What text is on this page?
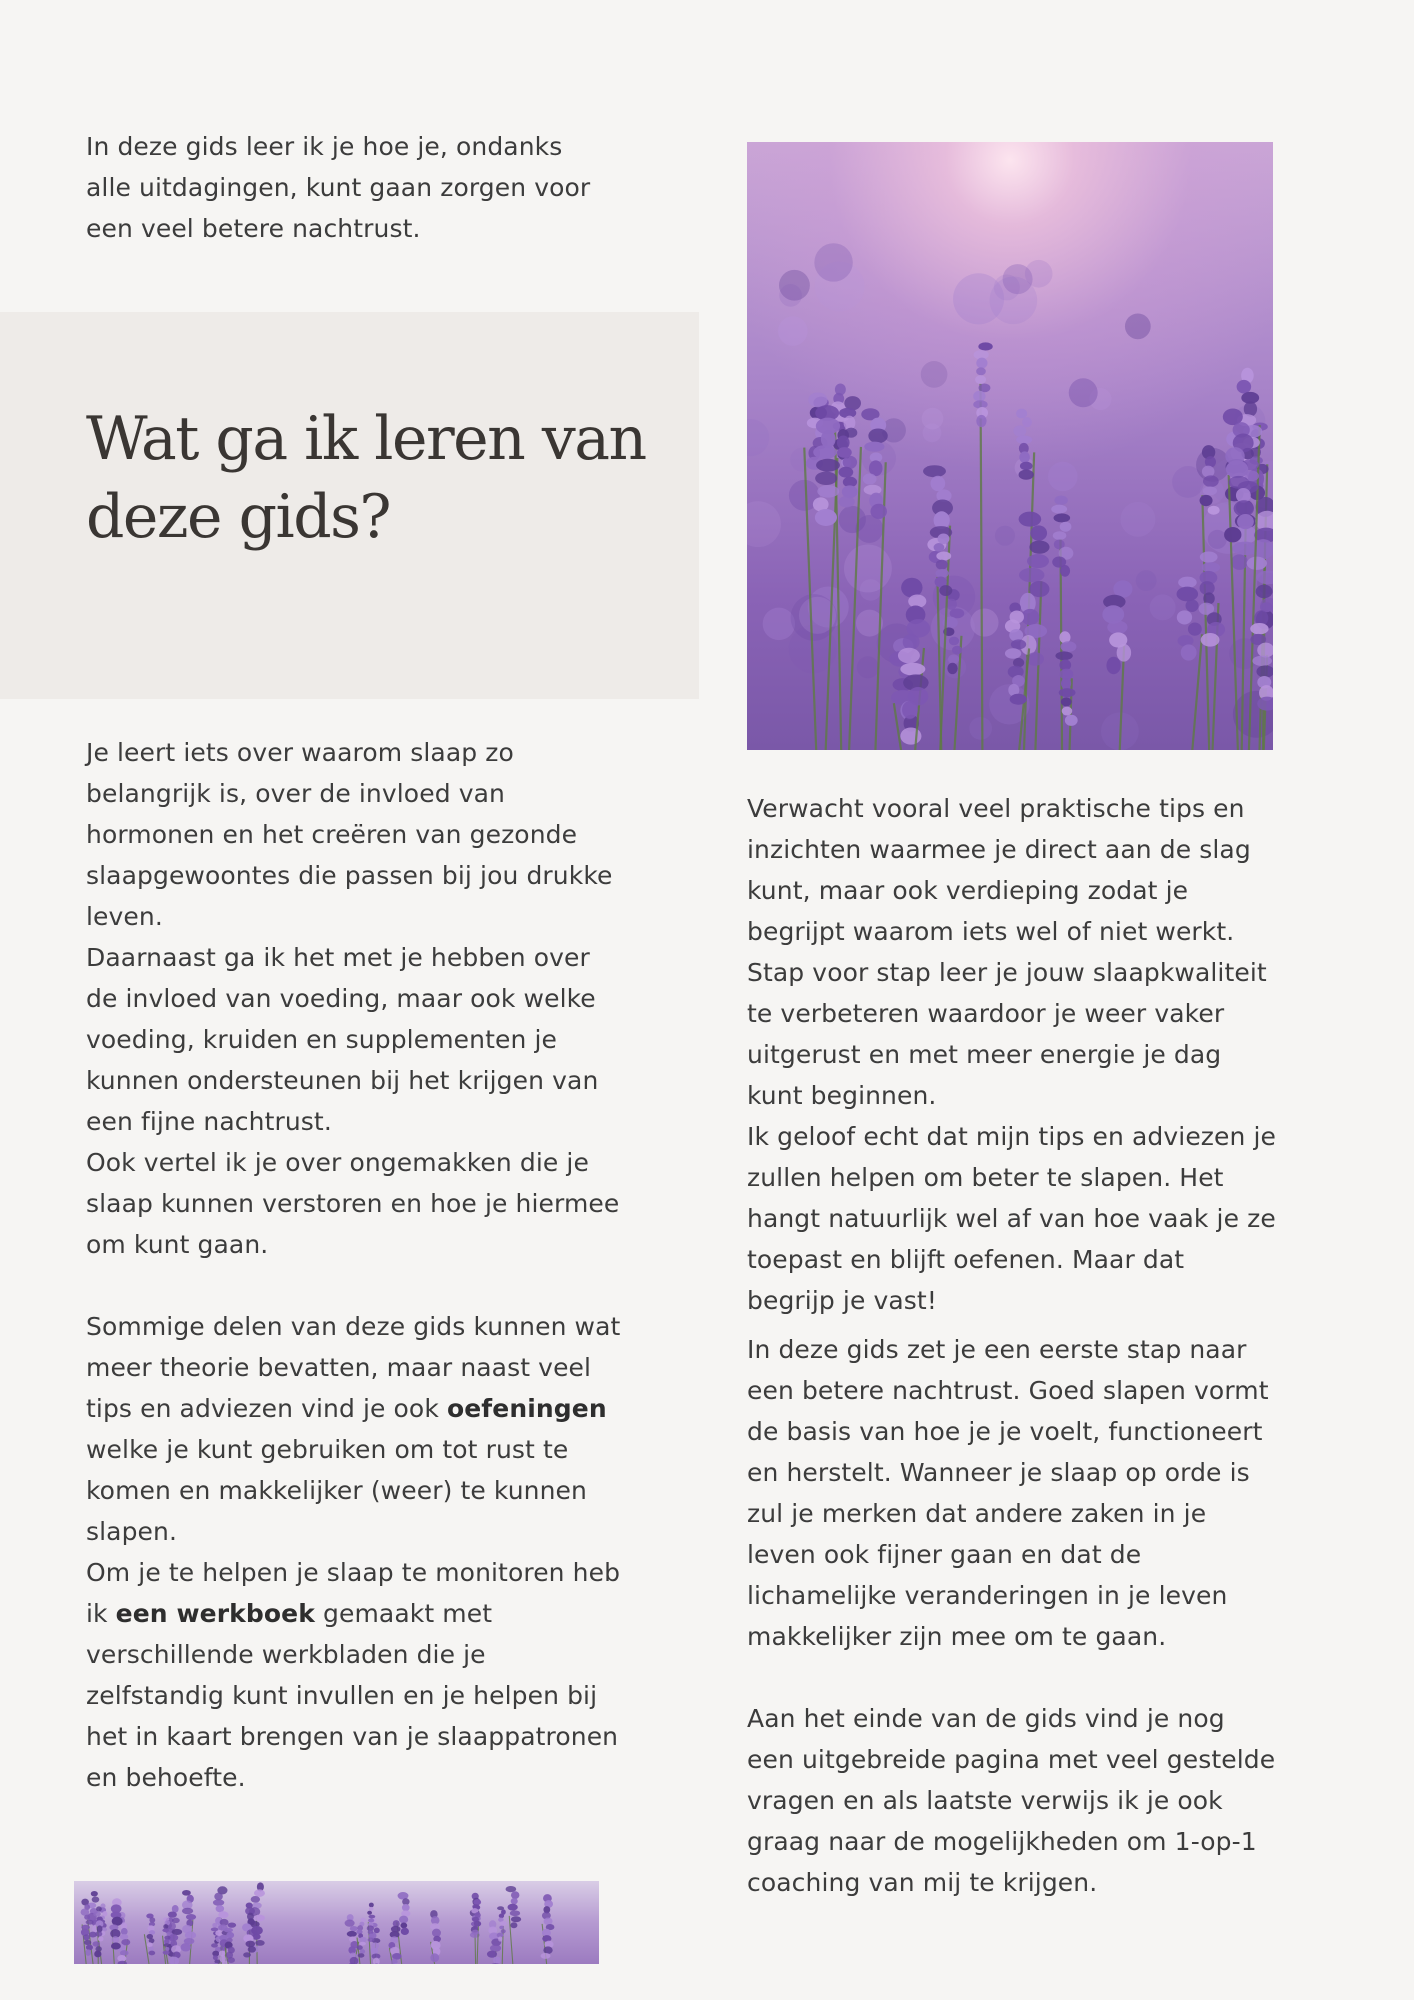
In deze gids leer ik je hoe je, ondanks alle uitdagingen, kunt gaan zorgen voor een veel betere nachtrust.

Wat ga ik leren van
deze gids?

Je leert iets over waarom slaap zo belangrijk is, over de invloed van hormonen en het creëren van gezonde slaapgewoontes die passen bij jou drukke leven.

Daarnaast ga ik het met je hebben over de invloed van voeding, maar ook welke voeding, kruiden en supplementen je kunnen ondersteunen bij het krijgen van een fijne nachtrust.

Ook vertel ik je over ongemakken die je slaap kunnen verstoren en hoe je hiermee om kunt gaan.

Sommige delen van deze gids kunnen wat meer theorie bevatten, maar naast veel tips en adviezen vind je ook oefeningen welke je kunt gebruiken om tot rust te komen en makkelijker (weer) te kunnen slapen.

Om je te helpen je slaap te monitoren heb ik een werkboek gemaakt met verschillende werkbladen die je zelfstandig kunt invullen en je helpen bij het in kaart brengen van je slaappatronen en behoefte.

Verwacht vooral veel praktische tips en inzichten waarmee je direct aan de slag kunt, maar ook verdieping zodat je begrijpt waarom iets wel of niet werkt.

Stap voor stap leer je jouw slaapkwaliteit te verbeteren waardoor je weer vaker uitgerust en met meer energie je dag kunt beginnen.

Ik geloof echt dat mijn tips en adviezen je zullen helpen om beter te slapen. Het hangt natuurlijk wel af van hoe vaak je ze toepast en blijft oefenen. Maar dat begrijp je vast!

In deze gids zet je een eerste stap naar een betere nachtrust. Goed slapen vormt de basis van hoe je je voelt, functioneert en herstelt. Wanneer je slaap op orde is zul je merken dat andere zaken in je leven ook fijner gaan en dat de lichamelijke veranderingen in je leven makkelijker zijn mee om te gaan.

Aan het einde van de gids vind je nog een uitgebreide pagina met veel gestelde vragen en als laatste verwijs ik je ook graag naar de mogelijkheden om 1-op-1 coaching van mij te krijgen.
